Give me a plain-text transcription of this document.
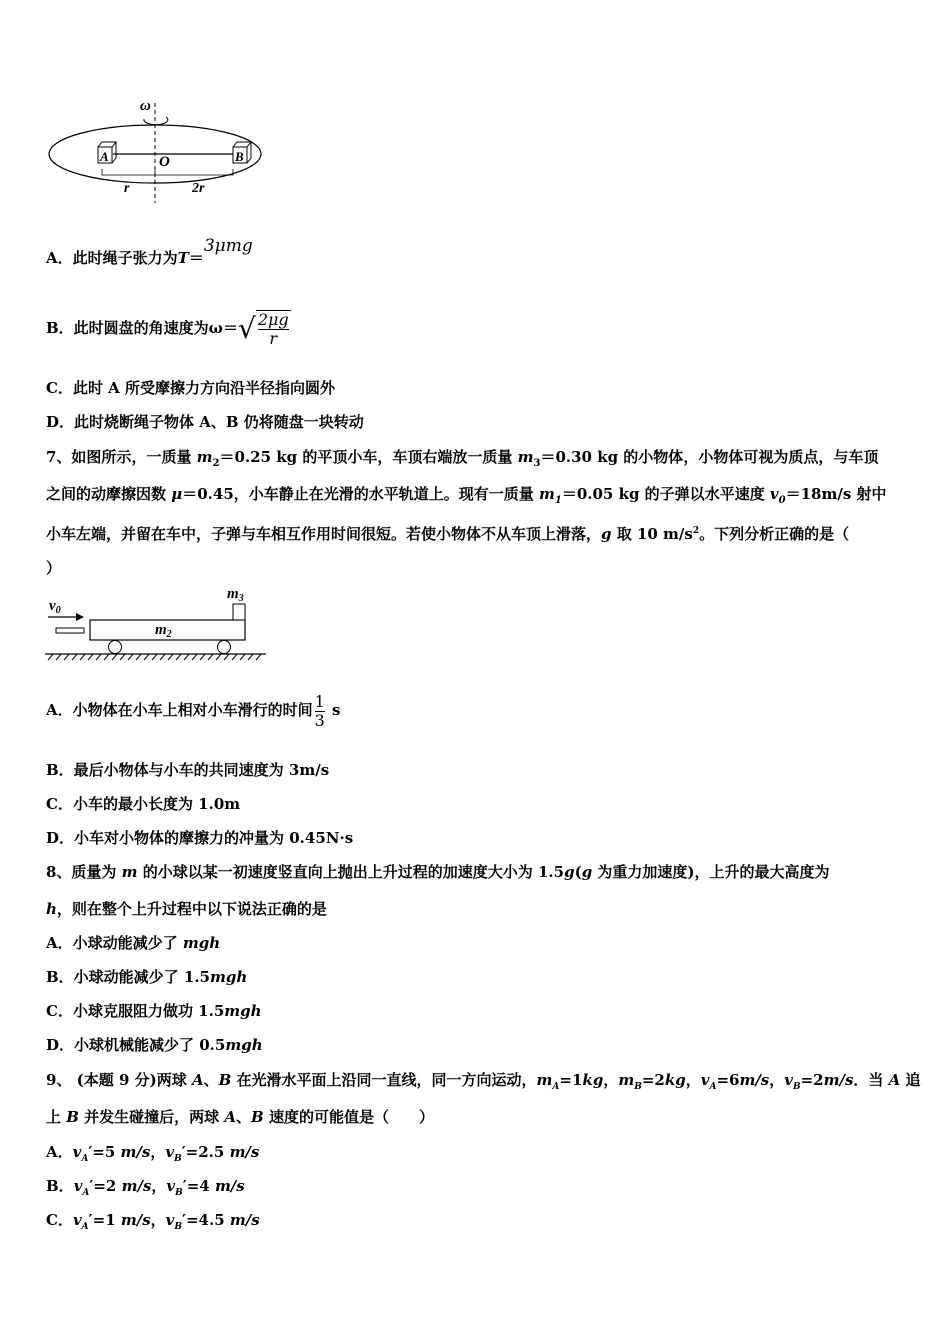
ω
A	B
O
r	2r
A．此时绳子张力为T＝3μmg
B．此时圆盘的角速度为$\omega=√ \frac{2\mu g}{r}$
C．此时 A 所受摩擦力方向沿半径指向圆外
D．此时烧断绳子物体 A、B 仍将随盘一块转动
7、如图所示，一质量 $m_2=0.25$ kg 的平顶小车，车顶右端放一质量 $m_3=0.30$ kg 的小物体，小物体可视为质点，与车顶
之间的动摩擦因数 μ＝0.45，小车静止在光滑的水平轨道上。现有一质量 $m_1=0.05$ kg 的子弹以水平速度 $v_0=18m/s$ 射中
小车左端，并留在车中，子弹与车相互作用时间很短。若使小物体不从车顶上滑落，g 取 10 $m/s^2$。下列分析正确的是（
）
$v_0$
$m_2$
$m_3$
A．小物体在小车上相对小车滑行的时间 $\frac{1}{3}$ s
B．最后小物体与小车的共同速度为 3m/s
C．小车的最小长度为 1.0m
D．小车对小物体的摩擦力的冲量为 0.45N·s
8、质量为 m 的小球以某一初速度竖直向上抛出上升过程的加速度大小为 1.5g(g 为重力加速度)，上升的最大高度为
h，则在整个上升过程中以下说法正确的是
A．小球动能减少了 mgh
B．小球动能减少了 1.5mgh
C．小球克服阻力做功 1.5mgh
D．小球机械能减少了 0.5mgh
9、 (本题 9 分)两球 A、B 在光滑水平面上沿同一直线，同一方向运动，$m_A=1kg$，$m_B=2kg$，$v_A=6m/s$，$v_B=2m/s$．当 A 追
上 B 并发生碰撞后，两球 A、B 速度的可能值是（　　）
A．$v_A'=5$ m/s，$v_B'=2.5$ m/s
B．$v_A'=2$ m/s，$v_B'=4$ m/s
C．$v_A'=1$ m/s，$v_B'=4.5$ m/s
